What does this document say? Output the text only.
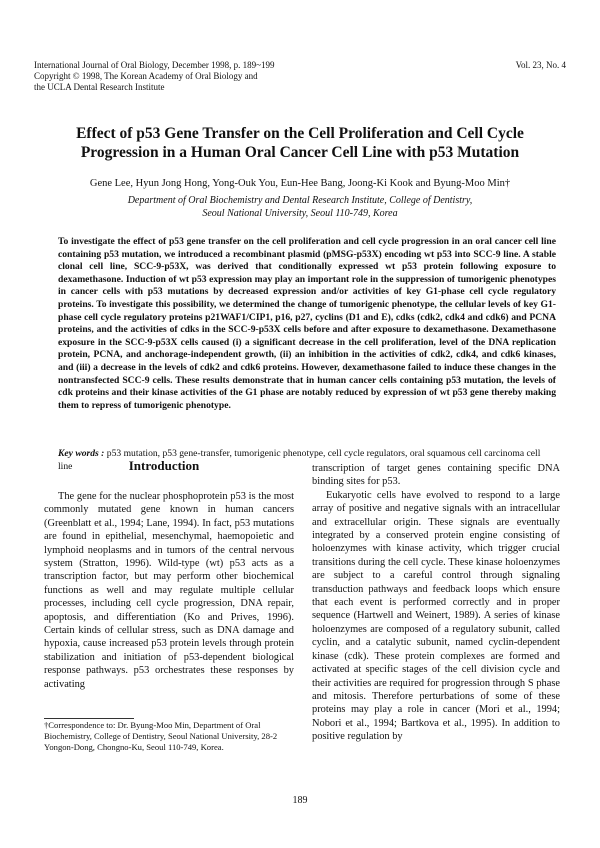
International Journal of Oral Biology, December 1998, p. 189~199
Copyright © 1998, The Korean Academy of Oral Biology and
the UCLA Dental Research Institute
Vol. 23, No. 4
Effect of p53 Gene Transfer on the Cell Proliferation and Cell Cycle Progression in a Human Oral Cancer Cell Line with p53 Mutation
Gene Lee, Hyun Jong Hong, Yong-Ouk You, Eun-Hee Bang, Joong-Ki Kook and Byung-Moo Min†
Department of Oral Biochemistry and Dental Research Institute, College of Dentistry,
Seoul National University, Seoul 110-749, Korea
To investigate the effect of p53 gene transfer on the cell proliferation and cell cycle progression in an oral cancer cell line containing p53 mutation, we introduced a recombinant plasmid (pMSG-p53X) encoding wt p53 into SCC-9 line. A stable clonal cell line, SCC-9-p53X, was derived that conditionally expressed wt p53 protein following exposure to dexamethasone. Induction of wt p53 expression may play an important role in the suppression of tumorigenic phenotypes in cancer cells with p53 mutations by decreased expression and/or activities of key G1-phase cell cycle regulatory proteins. To investigate this possibility, we determined the change of tumorigenic phenotype, the cellular levels of key G1-phase cell cycle regulatory proteins p21WAF1/CIP1, p16, p27, cyclins (D1 and E), cdks (cdk2, cdk4 and cdk6) and PCNA proteins, and the activities of cdks in the SCC-9-p53X cells before and after exposure to dexamethasone. Dexamethasone exposure in the SCC-9-p53X cells caused (i) a significant decrease in the cell proliferation, level of the DNA replication protein, PCNA, and anchorage-independent growth, (ii) an inhibition in the activities of cdk2, cdk4, and cdk6 kinases, and (iii) a decrease in the levels of cdk2 and cdk6 proteins. However, dexamethasone failed to induce these changes in the nontransfected SCC-9 cells. These results demonstrate that in human cancer cells containing p53 mutation, the levels of cdk proteins and their kinase activities of the G1 phase are notably reduced by expression of wt p53 gene thereby making them to repress of tumorigenic phenotype.
Key words : p53 mutation, p53 gene-transfer, tumorigenic phenotype, cell cycle regulators, oral squamous cell carcinoma cell line	Introduction
The gene for the nuclear phosphoprotein p53 is the most commonly mutated gene known in human cancers (Greenblatt et al., 1994; Lane, 1994). In fact, p53 mutations are found in epithelial, mesenchymal, haemopoietic and lymphoid neoplasms and in tumors of the central nervous system (Stratton, 1996). Wild-type (wt) p53 acts as a transcription factor, but may perform other biochemical functions as well and may regulate multiple cellular processes, including cell cycle progression, DNA repair, apoptosis, and differentiation (Ko and Prives, 1996). Certain kinds of cellular stress, such as DNA damage and hypoxia, cause increased p53 protein levels through protein stabilization and initiation of p53-dependent biological response pathways. p53 orchestrates these responses by activating

transcription of target genes containing specific DNA binding sites for p53.

Eukaryotic cells have evolved to respond to a large array of positive and negative signals with an intracellular and extracellular origin. These signals are eventually integrated by a conserved protein engine consisting of holoenzymes with kinase activity, which trigger crucial transitions during the cell cycle. These kinase holoenzymes are subject to a careful control through signaling transduction pathways and feedback loops which ensure that each event is performed correctly and in proper sequence (Hartwell and Weinert, 1989). A series of kinase holoenzymes are composed of a regulatory subunit, called cyclin, and a catalytic subunit, named cyclin-dependent kinase (cdk). These protein complexes are formed and activated at specific stages of the cell division cycle and their activities are required for progression through S phase and mitosis. Therefore perturbations of some of these proteins may play a role in cancer (Mori et al., 1994; Nobori et al., 1994; Bartkova et al., 1995). In addition to positive regulation by

†Correspondence to: Dr. Byung-Moo Min, Department of Oral Biochemistry, College of Dentistry, Seoul National University, 28-2 Yongon-Dong, Chongno-Ku, Seoul 110-749, Korea.
189
